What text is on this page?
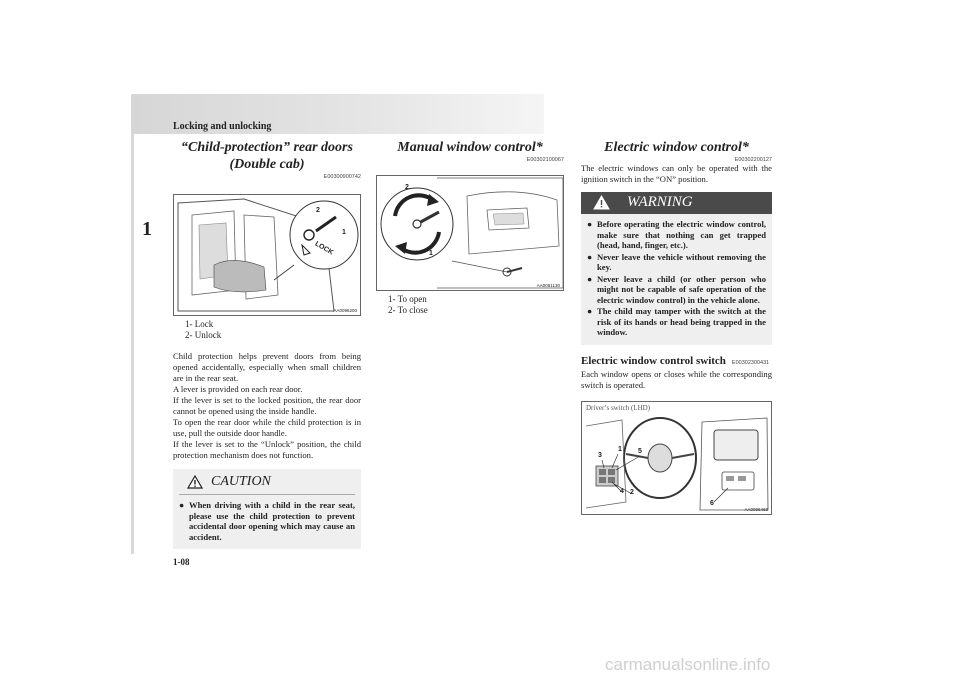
Locking and unlocking
1

“Child-protection” rear doors
(Double cab)

E00300900742
2
1
LOCK
AA0096200
1- Lock
2- Unlock
Child protection helps prevent doors from being opened accidentally, especially when small children are in the rear seat.
A lever is provided on each rear door.
If the lever is set to the locked position, the rear door cannot be opened using the inside handle.
To open the rear door while the child protection is in use, pull the outside door handle.
If the lever is set to the “Unlock” position, the child protection mechanism does not function.
CAUTION
● When driving with a child in the rear seat, please use the child protection to prevent accidental door opening which may cause an accident.

Manual window control*

E00302100067
2
1
AA0051130
1- To open
2- To close

Electric window control*

E00302200127
The electric windows can only be operated with the ignition switch in the “ON” position.
WARNING
● Before operating the electric window control, make sure that nothing can get trapped (head, hand, finger, etc.).
● Never leave the vehicle without removing the key.
● Never leave a child (or other person who might not be capable of safe operation of the electric window control) in the vehicle alone.
● The child may tamper with the switch at the risk of its hands or head being trapped in the window.
Electric window control switch E00302300431
Each window opens or closes while the corresponding switch is operated.
Driver’s switch (LHD)
3
1 5
4 2
6
AA0096469
1-08
carmanualsonline.info
